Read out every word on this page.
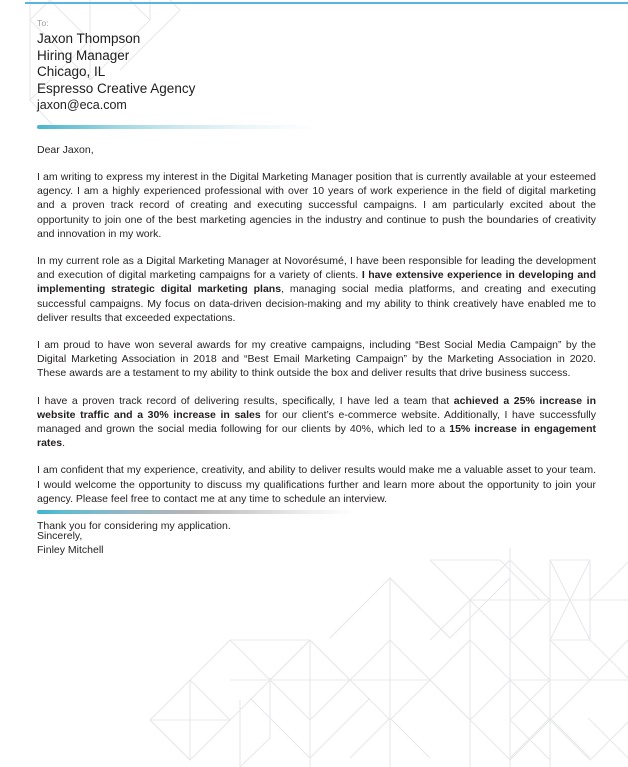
To:
Jaxon Thompson
Hiring Manager
Chicago, IL
Espresso Creative Agency
jaxon@eca.com

Dear Jaxon,

I am writing to express my interest in the Digital Marketing Manager position that is currently available at your esteemed agency. I am a highly experienced professional with over 10 years of work experience in the field of digital marketing and a proven track record of creating and executing successful campaigns. I am particularly excited about the opportunity to join one of the best marketing agencies in the industry and continue to push the boundaries of creativity and innovation in my work.

In my current role as a Digital Marketing Manager at Novorésumé, I have been responsible for leading the development and execution of digital marketing campaigns for a variety of clients. I have extensive experience in developing and implementing strategic digital marketing plans, managing social media platforms, and creating and executing successful campaigns. My focus on data-driven decision-making and my ability to think creatively have enabled me to deliver results that exceeded expectations.

I am proud to have won several awards for my creative campaigns, including “Best Social Media Campaign” by the Digital Marketing Association in 2018 and “Best Email Marketing Campaign” by the Marketing Association in 2020. These awards are a testament to my ability to think outside the box and deliver results that drive business success.

I have a proven track record of delivering results, specifically, I have led a team that achieved a 25% increase in website traffic and a 30% increase in sales for our client’s e-commerce website. Additionally, I have successfully managed and grown the social media following for our clients by 40%, which led to a 15% increase in engagement rates.

I am confident that my experience, creativity, and ability to deliver results would make me a valuable asset to your team. I would welcome the opportunity to discuss my qualifications further and learn more about the opportunity to join your agency. Please feel free to contact me at any time to schedule an interview.

Thank you for considering my application.

Sincerely,
Finley Mitchell
